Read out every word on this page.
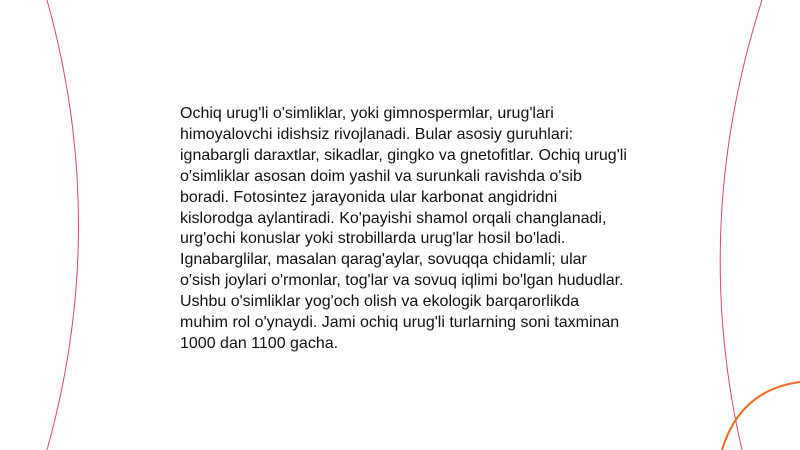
Ochiq urug'li o'simliklar, yoki gimnospermlar, urug'lari himoyalovchi idishsiz rivojlanadi. Bular asosiy guruhlari: ignabargli daraxtlar, sikadlar, gingko va gnetofitlar. Ochiq urug'li o'simliklar asosan doim yashil va surunkali ravishda o'sib boradi. Fotosintez jarayonida ular karbonat angidridni kislorodga aylantiradi. Ko'payishi shamol orqali changlanadi, urg'ochi konuslar yoki strobillarda urug'lar hosil bo'ladi. Ignabarglilar, masalan qarag'aylar, sovuqqa chidamli; ular o'sish joylari o'rmonlar, tog'lar va sovuq iqlimi bo'lgan hududlar. Ushbu o'simliklar yog'och olish va ekologik barqarorlikda muhim rol o'ynaydi. Jami ochiq urug'li turlarning soni taxminan 1000 dan 1100 gacha.
